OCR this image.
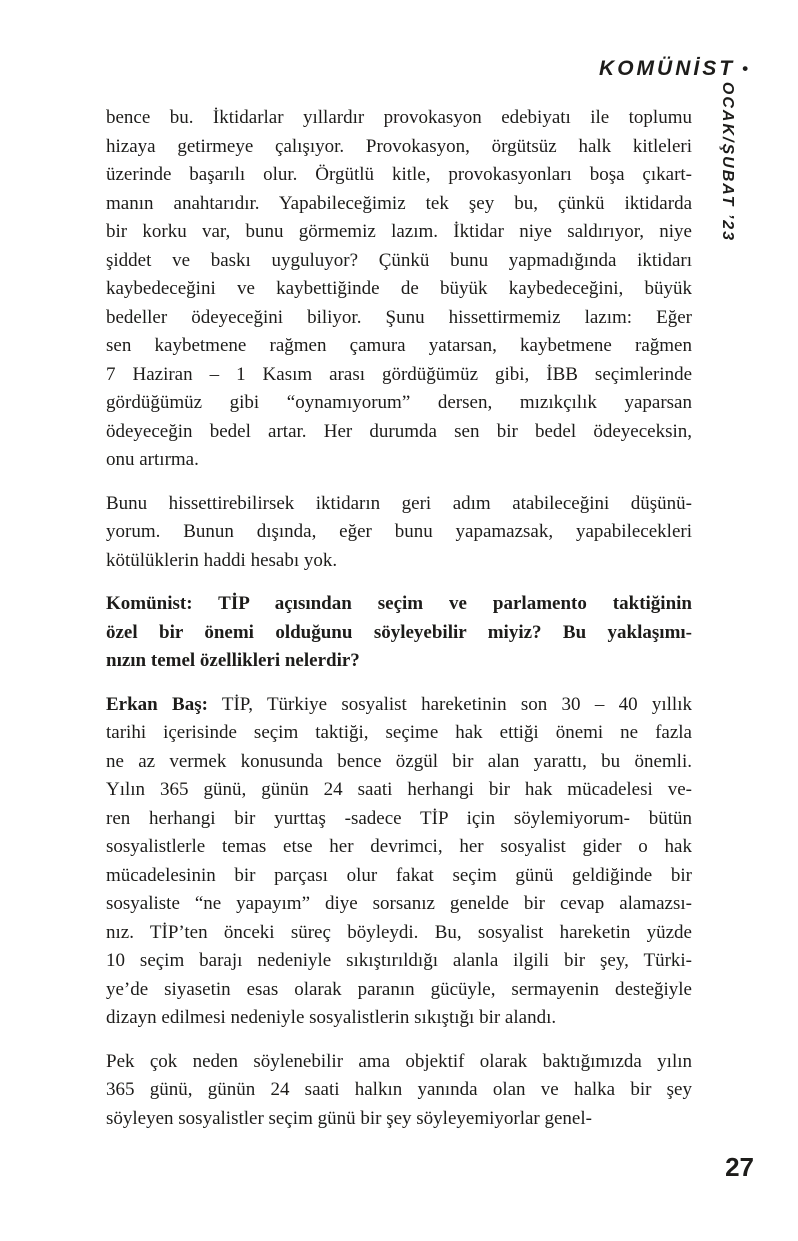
KOMÜNİST •
OCAK/ŞUBAT ’23
bence bu. İktidarlar yıllardır provokasyon edebiyatı ile toplumu
hizaya getirmeye çalışıyor. Provokasyon, örgütsüz halk kitleleri
üzerinde başarılı olur. Örgütlü kitle, provokasyonları boşa çıkart-
manın anahtarıdır. Yapabileceğimiz tek şey bu, çünkü iktidarda
bir korku var, bunu görmemiz lazım. İktidar niye saldırıyor, niye
şiddet ve baskı uyguluyor? Çünkü bunu yapmadığında iktidarı
kaybedeceğini ve kaybettiğinde de büyük kaybedeceğini, büyük
bedeller ödeyeceğini biliyor. Şunu hissettirmemiz lazım: Eğer
sen kaybetmene rağmen çamura yatarsan, kaybetmene rağmen
7 Haziran – 1 Kasım arası gördüğümüz gibi, İBB seçimlerinde
gördüğümüz gibi “oynamıyorum” dersen, mızıkçılık yaparsan
ödeyeceğin bedel artar. Her durumda sen bir bedel ödeyeceksin,
onu artırma.
Bunu hissettirebilirsek iktidarın geri adım atabileceğini düşünü-
yorum. Bunun dışında, eğer bunu yapamazsak, yapabilecekleri
kötülüklerin haddi hesabı yok.
Komünist: TİP açısından seçim ve parlamento taktiğinin
özel bir önemi olduğunu söyleyebilir miyiz? Bu yaklaşımı-
nızın temel özellikleri nelerdir?
Erkan Baş: TİP, Türkiye sosyalist hareketinin son 30 – 40 yıllık
tarihi içerisinde seçim taktiği, seçime hak ettiği önemi ne fazla
ne az vermek konusunda bence özgül bir alan yarattı, bu önemli.
Yılın 365 günü, günün 24 saati herhangi bir hak mücadelesi ve-
ren herhangi bir yurttaş -sadece TİP için söylemiyorum- bütün
sosyalistlerle temas etse her devrimci, her sosyalist gider o hak
mücadelesinin bir parçası olur fakat seçim günü geldiğinde bir
sosyaliste “ne yapayım” diye sorsanız genelde bir cevap alamazsı-
nız. TİP’ten önceki süreç böyleydi. Bu, sosyalist hareketin yüzde
10 seçim barajı nedeniyle sıkıştırıldığı alanla ilgili bir şey, Türki-
ye’de siyasetin esas olarak paranın gücüyle, sermayenin desteğiyle
dizayn edilmesi nedeniyle sosyalistlerin sıkıştığı bir alandı.
Pek çok neden söylenebilir ama objektif olarak baktığımızda yılın
365 günü, günün 24 saati halkın yanında olan ve halka bir şey
söyleyen sosyalistler seçim günü bir şey söyleyemiyorlar genel-
27
